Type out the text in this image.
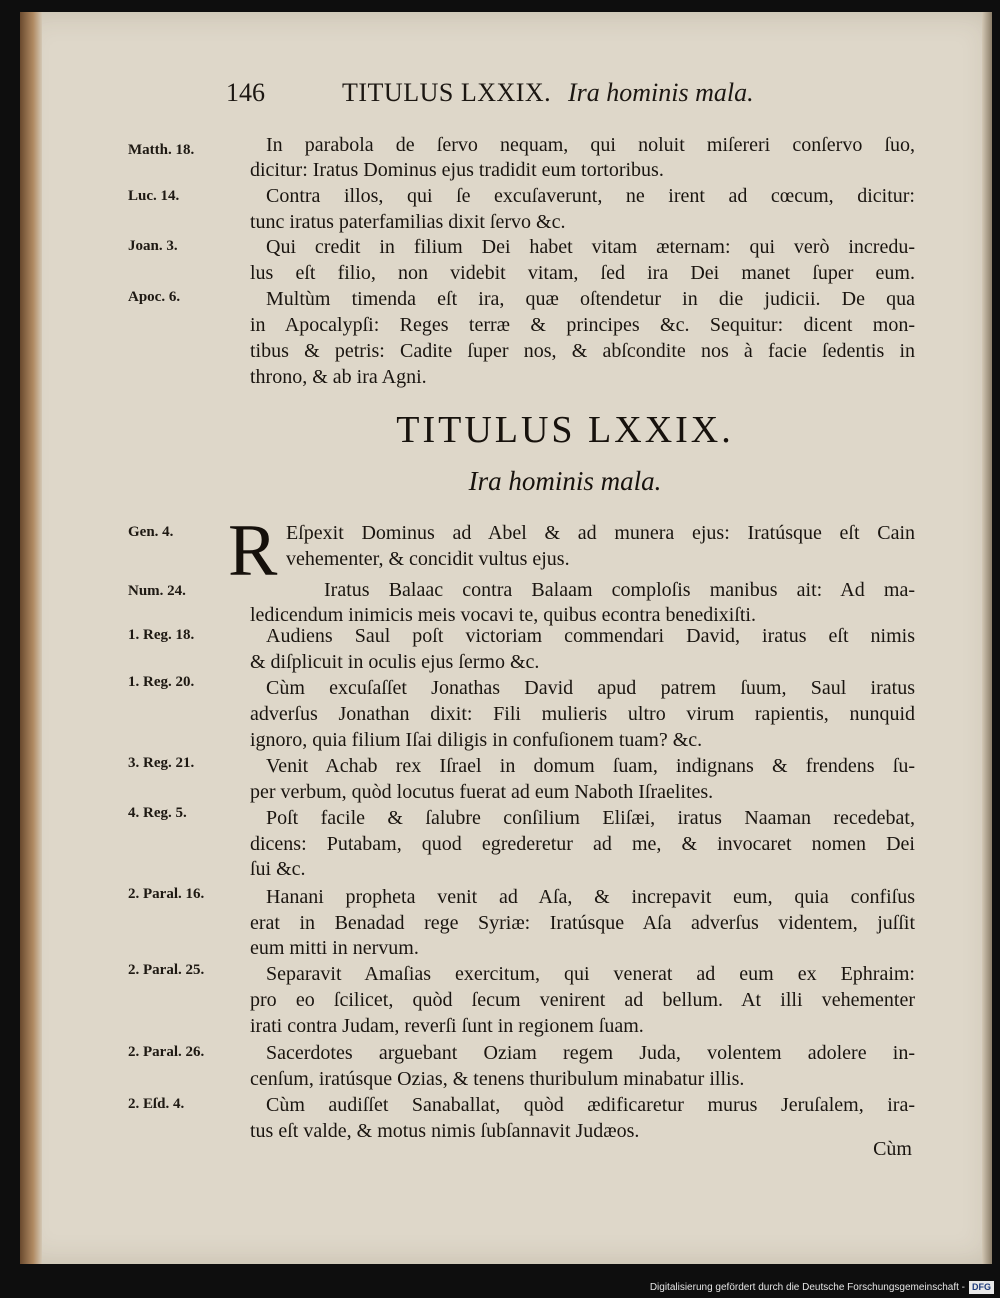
146	TITULUS LXXIX. Ira hominis mala.
Matth. 18.
Luc. 14.
Joan. 3.
Apoc. 6.
In parabola de ſervo nequam, qui noluit miſereri conſervo ſuo,
dicitur: Iratus Dominus ejus tradidit eum tortoribus.
Contra illos, qui ſe excuſaverunt, ne irent ad cœcum, dicitur:
tunc iratus paterfamilias dixit ſervo &c.
Qui credit in filium Dei habet vitam æternam: qui verò incredu-
lus eſt filio, non videbit vitam, ſed ira Dei manet ſuper eum.
Multùm timenda eſt ira, quæ oſtendetur in die judicii. De qua
in Apocalypſi: Reges terræ & principes &c. Sequitur: dicent mon-
tibus & petris: Cadite ſuper nos, & abſcondite nos à facie ſedentis in
throno, & ab ira Agni.
TITULUS LXXIX.
Ira hominis mala.
R
Gen. 4.
Num. 24.
1. Reg. 18.
1. Reg. 20.
3. Reg. 21.
4. Reg. 5.
2. Paral. 16.
2. Paral. 25.
2. Paral. 26.
2. Eſd. 4.
Eſpexit Dominus ad Abel & ad munera ejus: Iratúsque eſt Cain
vehementer, & concidit vultus ejus.
Iratus Balaac contra Balaam comploſis manibus ait: Ad ma-
ledicendum inimicis meis vocavi te, quibus econtra benedixiſti.
Audiens Saul poſt victoriam commendari David, iratus eſt nimis
& diſplicuit in oculis ejus ſermo &c.
Cùm excuſaſſet Jonathas David apud patrem ſuum, Saul iratus
adverſus Jonathan dixit: Fili mulieris ultro virum rapientis, nunquid
ignoro, quia filium Iſai diligis in confuſionem tuam? &c.
Venit Achab rex Iſrael in domum ſuam, indignans & frendens ſu-
per verbum, quòd locutus fuerat ad eum Naboth Iſraelites.
Poſt facile & ſalubre conſilium Eliſæi, iratus Naaman recedebat,
dicens: Putabam, quod egrederetur ad me, & invocaret nomen Dei
ſui &c.
Hanani propheta venit ad Aſa, & increpavit eum, quia confiſus
erat in Benadad rege Syriæ: Iratúsque Aſa adverſus videntem, juſſit
eum mitti in nervum.
Separavit Amaſias exercitum, qui venerat ad eum ex Ephraim:
pro eo ſcilicet, quòd ſecum venirent ad bellum. At illi vehementer
irati contra Judam, reverſi ſunt in regionem ſuam.
Sacerdotes arguebant Oziam regem Juda, volentem adolere in-
cenſum, iratúsque Ozias, & tenens thuribulum minabatur illis.
Cùm audiſſet Sanaballat, quòd ædificaretur murus Jeruſalem, ira-
tus eſt valde, & motus nimis ſubſannavit Judæos.
Cùm
Digitalisierung gefördert durch die Deutsche Forschungsgemeinschaft - DFG
